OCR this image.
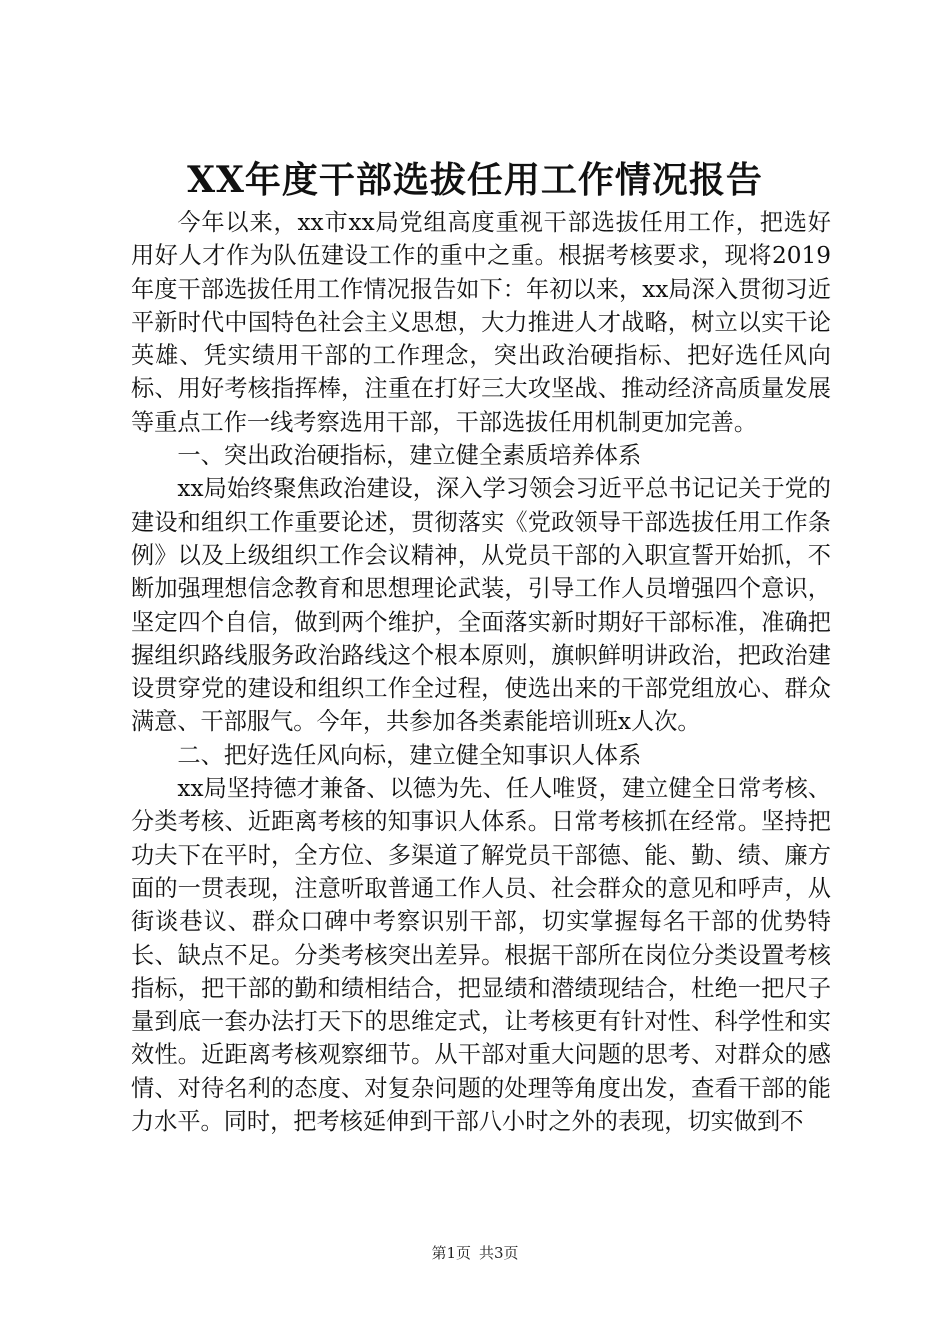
XX年度干部选拔任用工作情况报告

今年以来，xx市xx局党组高度重视干部选拔任用工作，把选好用好人才作为队伍建设工作的重中之重。根据考核要求，现将2019年度干部选拔任用工作情况报告如下：年初以来，xx局深入贯彻习近平新时代中国特色社会主义思想，大力推进人才战略，树立以实干论英雄、凭实绩用干部的工作理念，突出政治硬指标、把好选任风向标、用好考核指挥棒，注重在打好三大攻坚战、推动经济高质量发展等重点工作一线考察选用干部，干部选拔任用机制更加完善。

一、突出政治硬指标，建立健全素质培养体系

xx局始终聚焦政治建设，深入学习领会习近平总书记记关于党的建设和组织工作重要论述，贯彻落实《党政领导干部选拔任用工作条例》以及上级组织工作会议精神，从党员干部的入职宣誓开始抓，不断加强理想信念教育和思想理论武装，引导工作人员增强四个意识，坚定四个自信，做到两个维护，全面落实新时期好干部标准，准确把握组织路线服务政治路线这个根本原则，旗帜鲜明讲政治，把政治建设贯穿党的建设和组织工作全过程，使选出来的干部党组放心、群众满意、干部服气。今年，共参加各类素能培训班x人次。

二、把好选任风向标，建立健全知事识人体系

xx局坚持德才兼备、以德为先、任人唯贤，建立健全日常考核、分类考核、近距离考核的知事识人体系。日常考核抓在经常。坚持把功夫下在平时，全方位、多渠道了解党员干部德、能、勤、绩、廉方面的一贯表现，注意听取普通工作人员、社会群众的意见和呼声，从街谈巷议、群众口碑中考察识别干部，切实掌握每名干部的优势特长、缺点不足。分类考核突出差异。根据干部所在岗位分类设置考核指标，把干部的勤和绩相结合，把显绩和潜绩现结合，杜绝一把尺子量到底一套办法打天下的思维定式，让考核更有针对性、科学性和实效性。近距离考核观察细节。从干部对重大问题的思考、对群众的感情、对待名利的态度、对复杂问题的处理等角度出发，查看干部的能力水平。同时，把考核延伸到干部八小时之外的表现，切实做到不

第1页 共3页
